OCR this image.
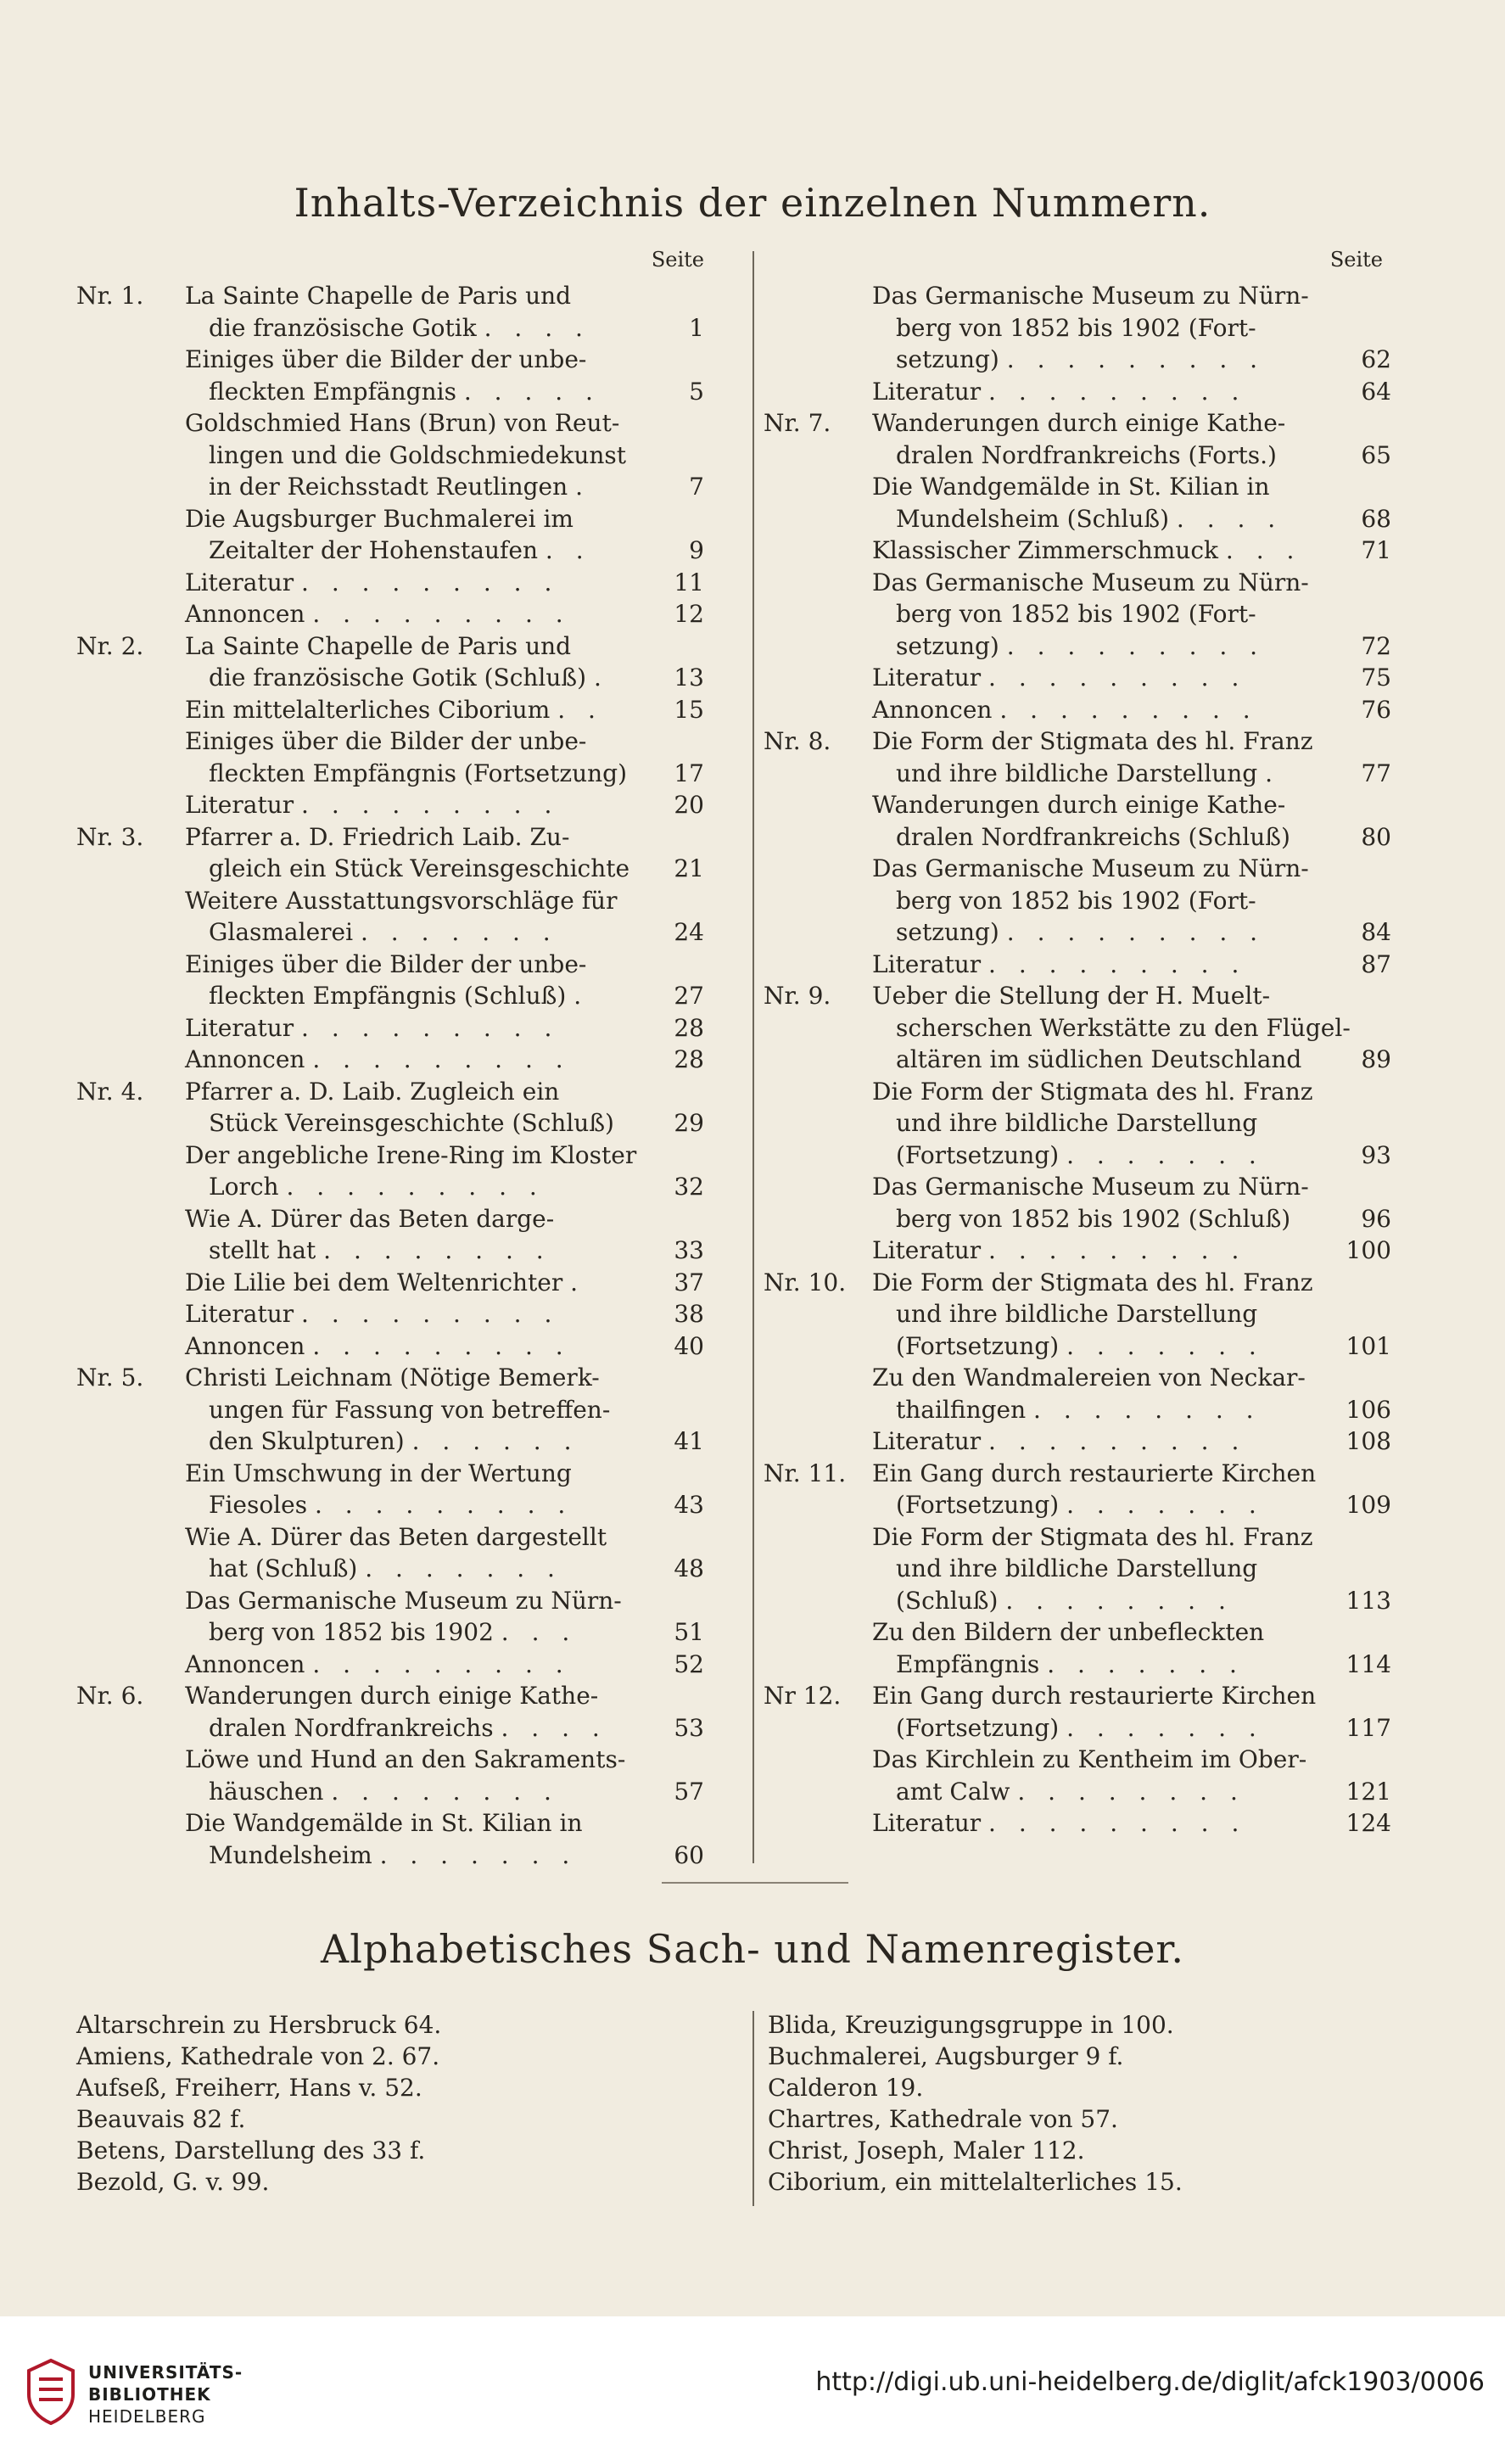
Inhalts-Verzeichnis der einzelnen Nummern.
Seite	Seite
Nr. 1.	La Sainte Chapelle de Paris und
die französische Gotik . . . .	1
Einiges über die Bilder der unbe-
fleckten Empfängnis . . . . .	5
Goldschmied Hans (Brun) von Reut-
lingen und die Goldschmiedekunst
in der Reichsstadt Reutlingen .	7
Die Augsburger Buchmalerei im
Zeitalter der Hohenstaufen . .	9
Literatur . . . . . . . . .	11
Annoncen . . . . . . . . .	12
Nr. 2.	La Sainte Chapelle de Paris und
die französische Gotik (Schluß) .	13
Ein mittelalterliches Ciborium . .	15
Einiges über die Bilder der unbe-
fleckten Empfängnis (Fortsetzung)	17
Literatur . . . . . . . . .	20
Nr. 3.	Pfarrer a. D. Friedrich Laib. Zu-
gleich ein Stück Vereinsgeschichte	21
Weitere Ausstattungsvorschläge für
Glasmalerei . . . . . . .	24
Einiges über die Bilder der unbe-
fleckten Empfängnis (Schluß) .	27
Literatur . . . . . . . . .	28
Annoncen . . . . . . . . .	28
Nr. 4.	Pfarrer a. D. Laib. Zugleich ein
Stück Vereinsgeschichte (Schluß)	29
Der angebliche Irene-Ring im Kloster
Lorch . . . . . . . . .	32
Wie A. Dürer das Beten darge-
stellt hat . . . . . . . .	33
Die Lilie bei dem Weltenrichter .	37
Literatur . . . . . . . . .	38
Annoncen . . . . . . . . .	40
Nr. 5.	Christi Leichnam (Nötige Bemerk-
ungen für Fassung von betreffen-
den Skulpturen) . . . . . .	41
Ein Umschwung in der Wertung
Fiesoles . . . . . . . . .	43
Wie A. Dürer das Beten dargestellt
hat (Schluß) . . . . . . .	48
Das Germanische Museum zu Nürn-
berg von 1852 bis 1902 . . .	51
Annoncen . . . . . . . . .	52
Nr. 6.	Wanderungen durch einige Kathe-
dralen Nordfrankreichs . . . .	53
Löwe und Hund an den Sakraments-
häuschen . . . . . . . .	57
Die Wandgemälde in St. Kilian in
Mundelsheim . . . . . . .	60
Das Germanische Museum zu Nürn-
berg von 1852 bis 1902 (Fort-
setzung) . . . . . . . . .	62
Literatur . . . . . . . . .	64
Nr. 7.	Wanderungen durch einige Kathe-
dralen Nordfrankreichs (Forts.)	65
Die Wandgemälde in St. Kilian in
Mundelsheim (Schluß) . . . .	68
Klassischer Zimmerschmuck . . .	71
Das Germanische Museum zu Nürn-
berg von 1852 bis 1902 (Fort-
setzung) . . . . . . . . .	72
Literatur . . . . . . . . .	75
Annoncen . . . . . . . . .	76
Nr. 8.	Die Form der Stigmata des hl. Franz
und ihre bildliche Darstellung .	77
Wanderungen durch einige Kathe-
dralen Nordfrankreichs (Schluß)	80
Das Germanische Museum zu Nürn-
berg von 1852 bis 1902 (Fort-
setzung) . . . . . . . . .	84
Literatur . . . . . . . . .	87
Nr. 9.	Ueber die Stellung der H. Muelt-
scherschen Werkstätte zu den Flügel-
altären im südlichen Deutschland	89
Die Form der Stigmata des hl. Franz
und ihre bildliche Darstellung
(Fortsetzung) . . . . . . .	93
Das Germanische Museum zu Nürn-
berg von 1852 bis 1902 (Schluß)	96
Literatur . . . . . . . . .	100
Nr. 10.	Die Form der Stigmata des hl. Franz
und ihre bildliche Darstellung
(Fortsetzung) . . . . . . .	101
Zu den Wandmalereien von Neckar-
thailfingen . . . . . . . .	106
Literatur . . . . . . . . .	108
Nr. 11.	Ein Gang durch restaurierte Kirchen
(Fortsetzung) . . . . . . .	109
Die Form der Stigmata des hl. Franz
und ihre bildliche Darstellung
(Schluß) . . . . . . . .	113
Zu den Bildern der unbefleckten
Empfängnis . . . . . . .	114
Nr 12.	Ein Gang durch restaurierte Kirchen
(Fortsetzung) . . . . . . .	117
Das Kirchlein zu Kentheim im Ober-
amt Calw . . . . . . . .	121
Literatur . . . . . . . . .	124
Alphabetisches Sach- und Namenregister.
Altarschrein zu Hersbruck 64.
Amiens, Kathedrale von 2. 67.
Aufseß, Freiherr, Hans v. 52.
Beauvais 82 f.
Betens, Darstellung des 33 f.
Bezold, G. v. 99.
Blida, Kreuzigungsgruppe in 100.
Buchmalerei, Augsburger 9 f.
Calderon 19.
Chartres, Kathedrale von 57.
Christ, Joseph, Maler 112.
Ciborium, ein mittelalterliches 15.
UNIVERSITÄTS-
BIBLIOTHEK
HEIDELBERG
http://digi.ub.uni-heidelberg.de/diglit/afck1903/0006
